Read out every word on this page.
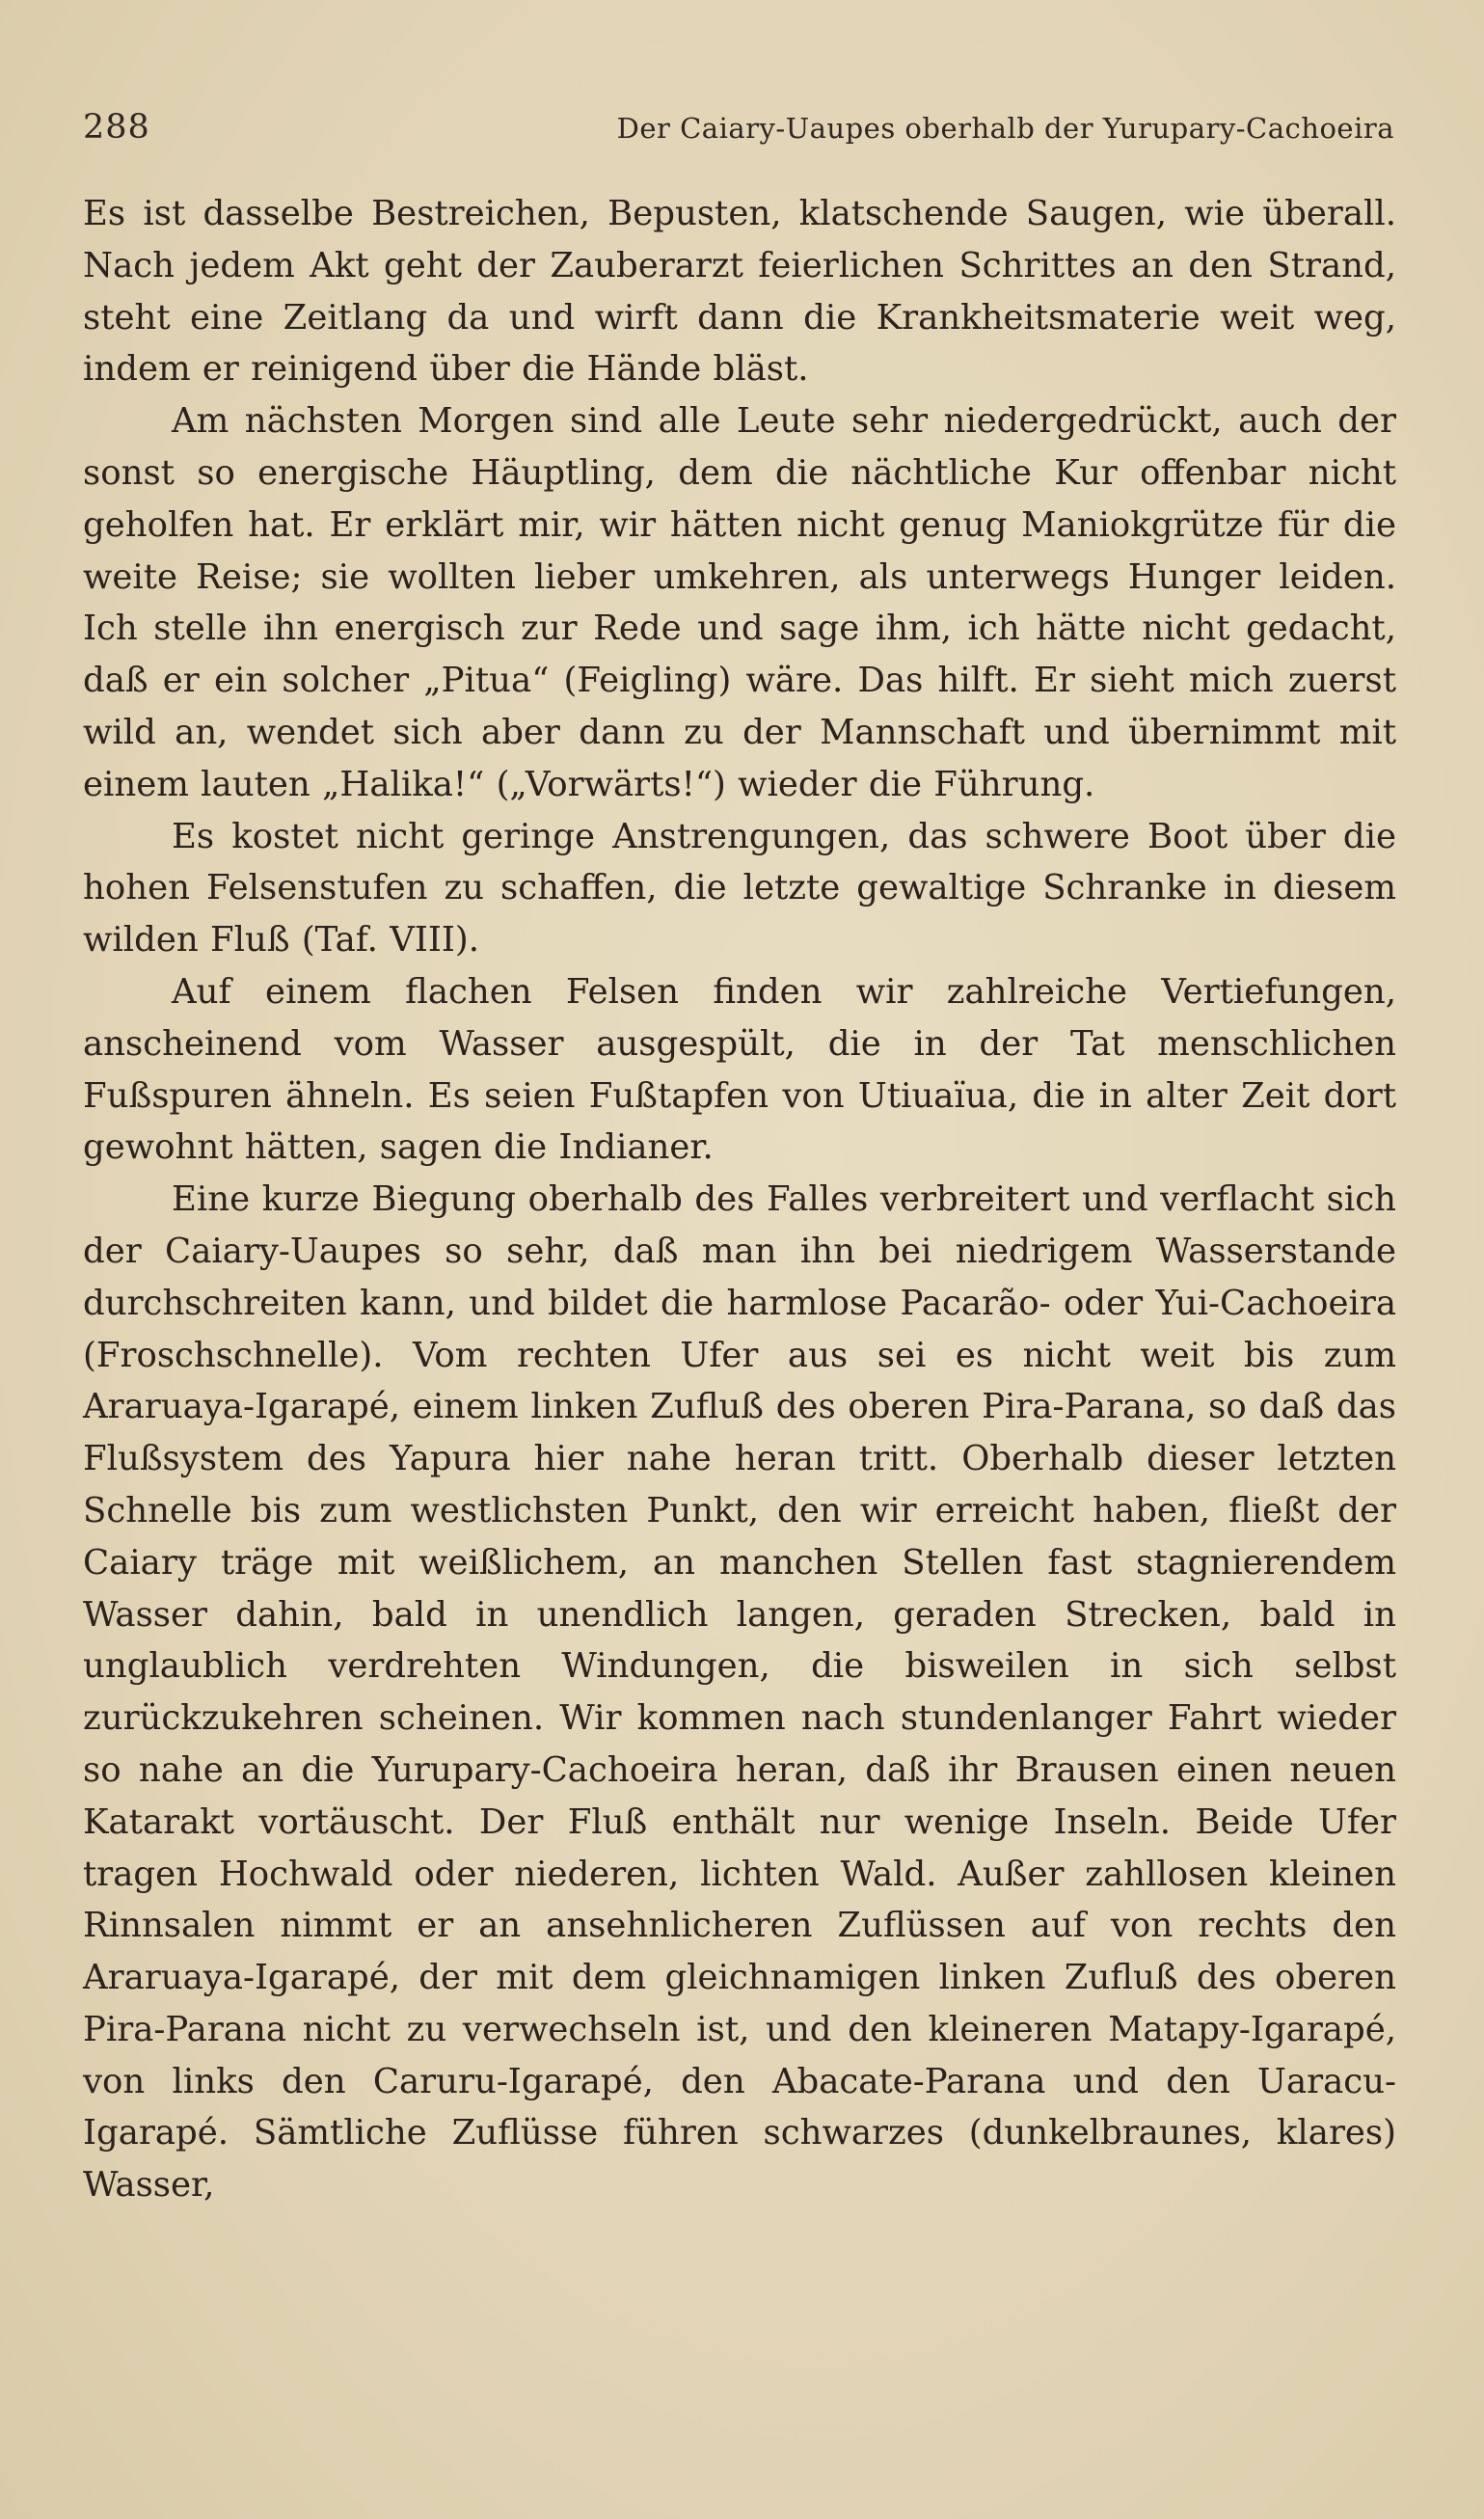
288	Der Caiary-Uaupes oberhalb der Yurupary-Cachoeira

Es ist dasselbe Bestreichen, Bepusten, klatschende Saugen, wie überall. Nach jedem Akt geht der Zauberarzt feierlichen Schrittes an den Strand, steht eine Zeitlang da und wirft dann die Krankheitsmaterie weit weg, indem er reinigend über die Hände bläst.

Am nächsten Morgen sind alle Leute sehr niedergedrückt, auch der sonst so energische Häuptling, dem die nächtliche Kur offenbar nicht geholfen hat. Er erklärt mir, wir hätten nicht genug Maniokgrütze für die weite Reise; sie wollten lieber umkehren, als unterwegs Hunger leiden. Ich stelle ihn energisch zur Rede und sage ihm, ich hätte nicht gedacht, daß er ein solcher „Pitua“ (Feigling) wäre. Das hilft. Er sieht mich zuerst wild an, wendet sich aber dann zu der Mannschaft und übernimmt mit einem lauten „Halika!“ („Vorwärts!“) wieder die Führung.

Es kostet nicht geringe Anstrengungen, das schwere Boot über die hohen Felsenstufen zu schaffen, die letzte gewaltige Schranke in diesem wilden Fluß (Taf. VIII).

Auf einem flachen Felsen finden wir zahlreiche Vertiefungen, anscheinend vom Wasser ausgespült, die in der Tat menschlichen Fußspuren ähneln. Es seien Fußtapfen von Utiuaïua, die in alter Zeit dort gewohnt hätten, sagen die Indianer.

Eine kurze Biegung oberhalb des Falles verbreitert und verflacht sich der Caiary-Uaupes so sehr, daß man ihn bei niedrigem Wasserstande durchschreiten kann, und bildet die harmlose Pacarão- oder Yui-Cachoeira (Froschschnelle). Vom rechten Ufer aus sei es nicht weit bis zum Araruaya-Igarapé, einem linken Zufluß des oberen Pira-Parana, so daß das Flußsystem des Yapura hier nahe heran tritt. Oberhalb dieser letzten Schnelle bis zum westlichsten Punkt, den wir erreicht haben, fließt der Caiary träge mit weißlichem, an manchen Stellen fast stagnierendem Wasser dahin, bald in unendlich langen, geraden Strecken, bald in unglaublich verdrehten Windungen, die bisweilen in sich selbst zurückzukehren scheinen. Wir kommen nach stundenlanger Fahrt wieder so nahe an die Yurupary-Cachoeira heran, daß ihr Brausen einen neuen Katarakt vortäuscht. Der Fluß enthält nur wenige Inseln. Beide Ufer tragen Hochwald oder niederen, lichten Wald. Außer zahllosen kleinen Rinnsalen nimmt er an ansehnlicheren Zuflüssen auf von rechts den Araruaya-Igarapé, der mit dem gleichnamigen linken Zufluß des oberen Pira-Parana nicht zu verwechseln ist, und den kleineren Matapy-Igarapé, von links den Caruru-Igarapé, den Abacate-Parana und den Uaracu-Igarapé. Sämtliche Zuflüsse führen schwarzes (dunkelbraunes, klares) Wasser,
